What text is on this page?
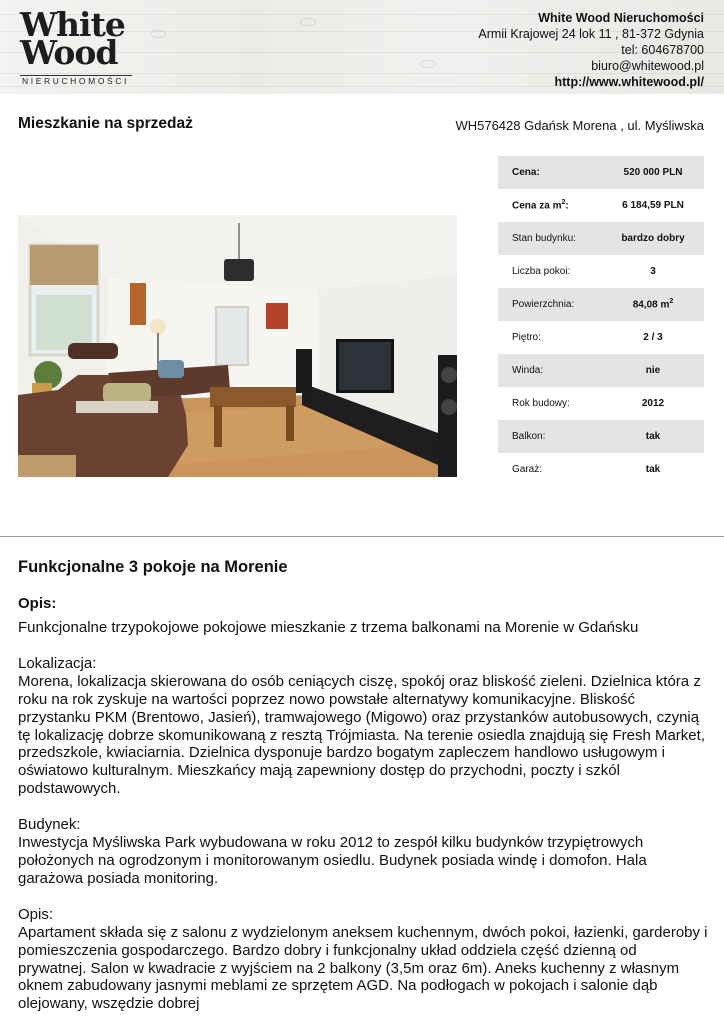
White
Wood
NIERUCHOMOŚCI
White Wood Nieruchomości
Armii Krajowej 24 lok 11 , 81-372 Gdynia
tel: 604678700
biuro@whitewood.pl
http://www.whitewood.pl/
Mieszkanie na sprzedaż	WH576428 Gdańsk Morena , ul. Myśliwska
Cena:	520 000 PLN
Cena za $m^2$:	6 184,59 PLN
Stan budynku:	bardzo dobry
Liczba pokoi:	3
Powierzchnia:	84,08 $m^2$
Piętro:	2 / 3
Winda:	nie
Rok budowy:	2012
Balkon:	tak
Garaż:	tak
Funkcjonalne 3 pokoje na Morenie
Opis:

Funkcjonalne trzypokojowe pokojowe mieszkanie z trzema balkonami na Morenie w Gdańsku

Lokalizacja:

Morena, lokalizacja skierowana do osób ceniących ciszę, spokój oraz bliskość zieleni. Dzielnica która z roku na rok zyskuje na wartości poprzez nowo powstałe alternatywy komunikacyjne. Bliskość przystanku PKM (Brentowo, Jasień), tramwajowego (Migowo) oraz przystanków autobusowych, czynią tę lokalizację dobrze skomunikowaną z resztą Trójmiasta. Na terenie osiedla znajdują się Fresh Market, przedszkole, kwiaciarnia. Dzielnica dysponuje bardzo bogatym zapleczem handlowo usługowym i oświatowo kulturalnym. Mieszkańcy mają zapewniony dostęp do przychodni, poczty i szkól podstawowych.

Budynek:

Inwestycja Myśliwska Park wybudowana w roku 2012 to zespół kilku budynków trzypiętrowych położonych na ogrodzonym i monitorowanym osiedlu. Budynek posiada windę i domofon. Hala garażowa posiada monitoring.

Opis:

Apartament składa się z salonu z wydzielonym aneksem kuchennym, dwóch pokoi, łazienki, garderoby i pomieszczenia gospodarczego. Bardzo dobry i funkcjonalny układ oddziela część dzienną od prywatnej. Salon w kwadracie z wyjściem na 2 balkony (3,5m oraz 6m). Aneks kuchenny z własnym oknem zabudowany jasnymi meblami ze sprzętem AGD. Na podłogach w pokojach i salonie dąb olejowany, wszędzie dobrej
